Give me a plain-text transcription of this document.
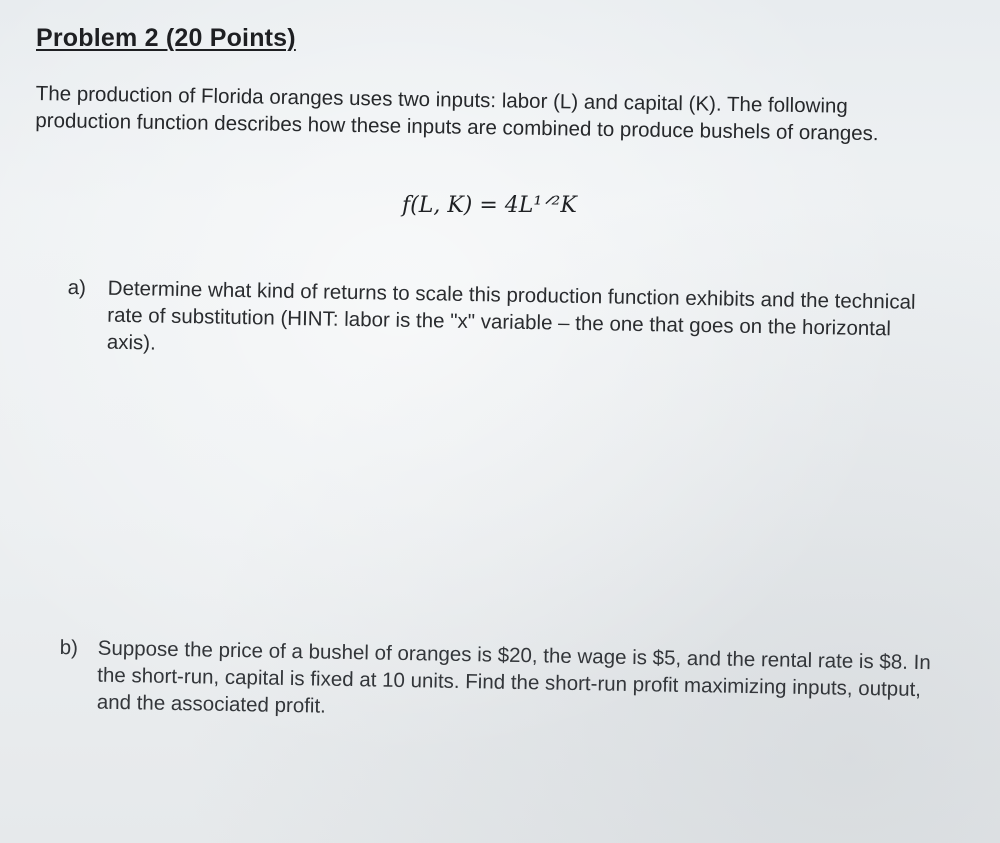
Problem 2 (20 Points)
The production of Florida oranges uses two inputs: labor (L) and capital (K). The following production function describes how these inputs are combined to produce bushels of oranges.
f(L, K) = 4L¹ᐟ²K
a) Determine what kind of returns to scale this production function exhibits and the technical rate of substitution (HINT: labor is the "x" variable – the one that goes on the horizontal axis).
b) Suppose the price of a bushel of oranges is $20, the wage is $5, and the rental rate is $8. In the short-run, capital is fixed at 10 units. Find the short-run profit maximizing inputs, output, and the associated profit.
